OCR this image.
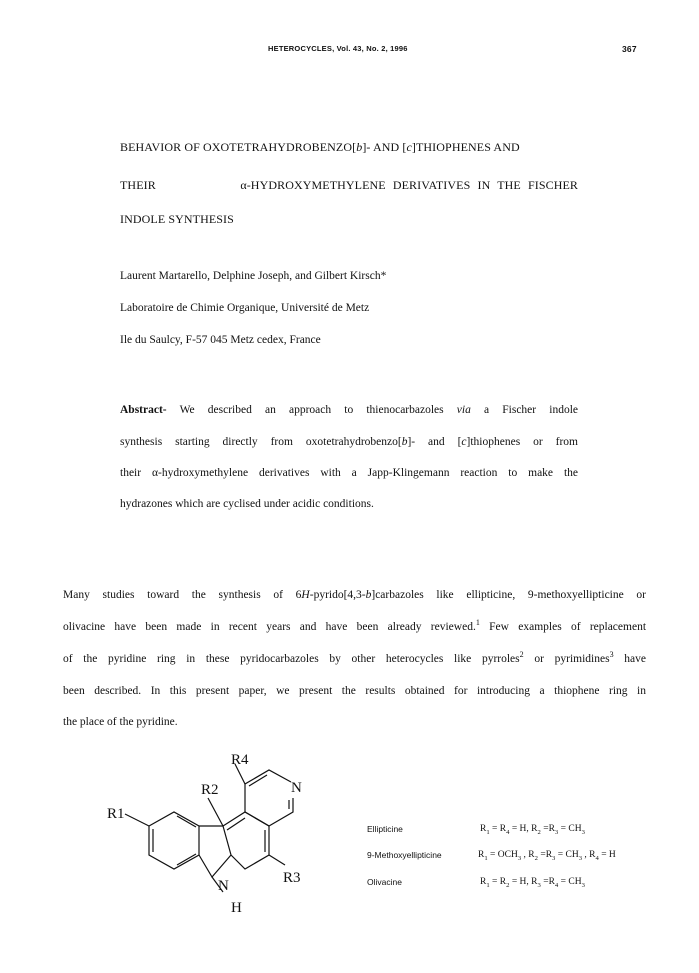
HETEROCYCLES, Vol. 43, No. 2, 1996	367
BEHAVIOR OF OXOTETRAHYDROBENZO[b]- AND [c]THIOPHENES AND
THEIR	α-HYDROXYMETHYLENE DERIVATIVES IN THE FISCHER
INDOLE SYNTHESIS
Laurent Martarello, Delphine Joseph, and Gilbert Kirsch*
Laboratoire de Chimie Organique, Université de Metz
Ile du Saulcy, F-57 045 Metz cedex, France
Abstract- We described an approach to thienocarbazoles via a Fischer indole
synthesis starting directly from oxotetrahydrobenzo[b]- and [c]thiophenes or from
their α-hydroxymethylene derivatives with a Japp-Klingemann reaction to make the
hydrazones which are cyclised under acidic conditions.
Many studies toward the synthesis of 6H-pyrido[4,3-b]carbazoles like ellipticine, 9-methoxyellipticine or
olivacine have been made in recent years and have been already reviewed.$^1$ Few examples of replacement
of the pyridine ring in these pyridocarbazoles by other heterocycles like pyrroles$^2$ or pyrimidines$^3$ have
been described. In this present paper, we present the results obtained for introducing a thiophene ring in
the place of the pyridine.
R1
R2
R3
R4
N
N
H
Ellipticine	$R_1 = R_4 = H$, $R_2 =R_3 = CH_3$
9-Methoxyellipticine	$R_1 = OCH_3$ , $R_2 =R_3 = CH_3$ , $R_4 = H$
Olivacine	$R_1 = R_2 = H$, $R_3 =R_4 = CH_3$
